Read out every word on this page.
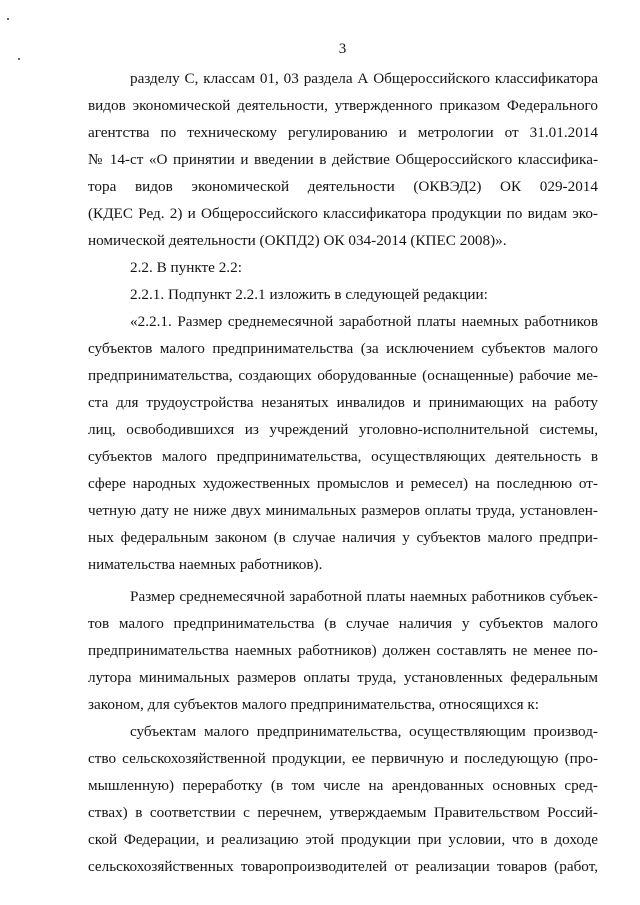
3
разделу С, классам 01, 03 раздела А Общероссийского классификатора
видов экономической деятельности, утвержденного приказом Федерального
агентства по техническому регулированию и метрологии от 31.01.2014
№ 14-ст «О принятии и введении в действие Общероссийского классифика-
тора видов экономической деятельности (ОКВЭД2) ОК 029-2014
(КДЕС Ред. 2) и Общероссийского классификатора продукции по видам эко-
номической деятельности (ОКПД2) ОК 034-2014 (КПЕС 2008)».
2.2. В пункте 2.2:
2.2.1. Подпункт 2.2.1 изложить в следующей редакции:
«2.2.1. Размер среднемесячной заработной платы наемных работников
субъектов малого предпринимательства (за исключением субъектов малого
предпринимательства, создающих оборудованные (оснащенные) рабочие ме-
ста для трудоустройства незанятых инвалидов и принимающих на работу
лиц, освободившихся из учреждений уголовно-исполнительной системы,
субъектов малого предпринимательства, осуществляющих деятельность в
сфере народных художественных промыслов и ремесел) на последнюю от-
четную дату не ниже двух минимальных размеров оплаты труда, установлен-
ных федеральным законом (в случае наличия у субъектов малого предпри-
нимательства наемных работников).
Размер среднемесячной заработной платы наемных работников субъек-
тов малого предпринимательства (в случае наличия у субъектов малого
предпринимательства наемных работников) должен составлять не менее по-
лутора минимальных размеров оплаты труда, установленных федеральным
законом, для субъектов малого предпринимательства, относящихся к:
субъектам малого предпринимательства, осуществляющим производ-
ство сельскохозяйственной продукции, ее первичную и последующую (про-
мышленную) переработку (в том числе на арендованных основных сред-
ствах) в соответствии с перечнем, утверждаемым Правительством Россий-
ской Федерации, и реализацию этой продукции при условии, что в доходе
сельскохозяйственных товаропроизводителей от реализации товаров (работ,
